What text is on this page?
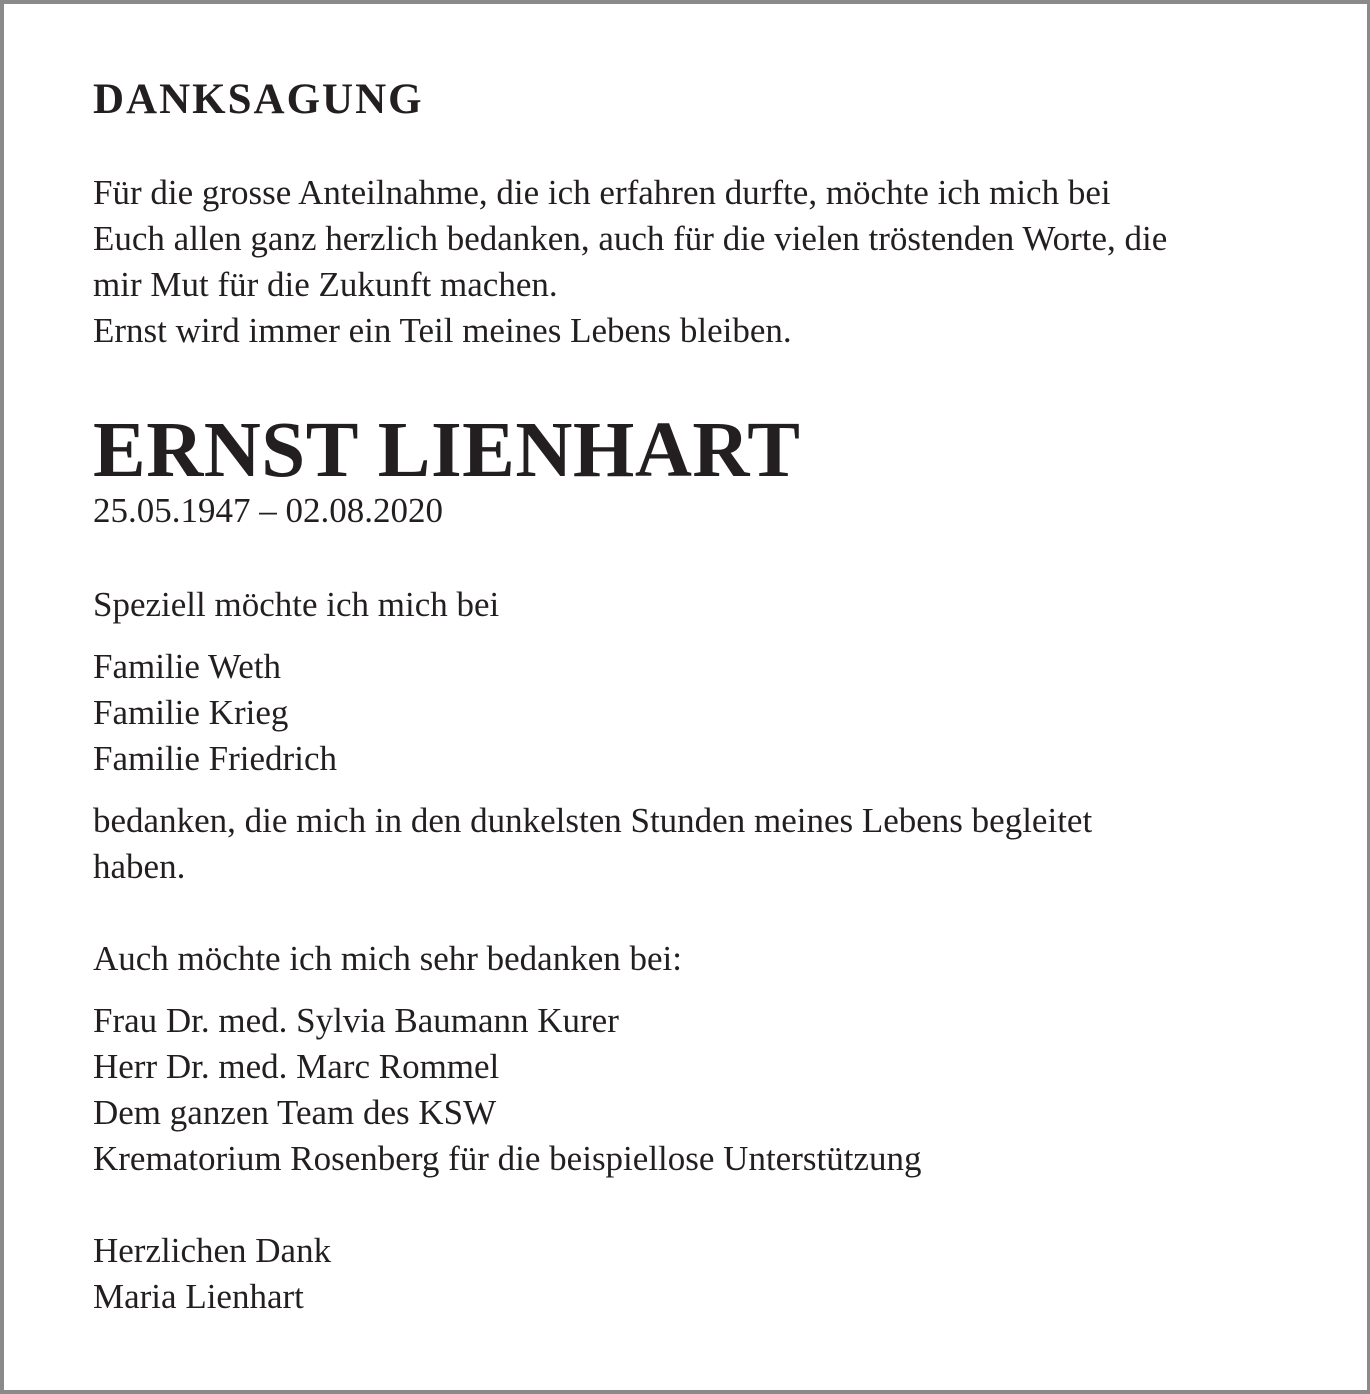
DANKSAGUNG
Für die grosse Anteilnahme, die ich erfahren durfte, möchte ich mich bei
Euch allen ganz herzlich bedanken, auch für die vielen tröstenden Worte, die
mir Mut für die Zukunft machen.
Ernst wird immer ein Teil meines Lebens bleiben.
ERNST LIENHART
25.05.1947 – 02.08.2020
Speziell möchte ich mich bei
Familie Weth
Familie Krieg
Familie Friedrich
bedanken, die mich in den dunkelsten Stunden meines Lebens begleitet
haben.
Auch möchte ich mich sehr bedanken bei:
Frau Dr. med. Sylvia Baumann Kurer
Herr Dr. med. Marc Rommel
Dem ganzen Team des KSW
Krematorium Rosenberg für die beispiellose Unterstützung
Herzlichen Dank
Maria Lienhart
